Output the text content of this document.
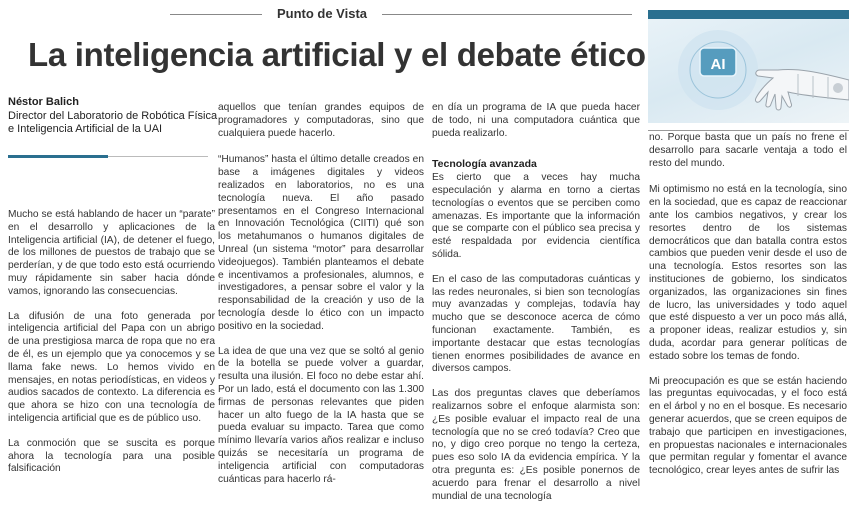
Punto de Vista
La inteligencia artificial y el debate ético	AI
Néstor Balich
Director del Laboratorio de Robótica Física e Inteligencia Artificial de la UAI

Mucho se está hablando de hacer un “parate” en el desarrollo y aplicaciones de la Inteligencia artificial (IA), de detener el fuego, de los millones de puestos de trabajo que se perderían, y de que todo esto está ocurriendo muy rápidamente sin saber hacia dónde vamos, ignorando las consecuencias.

La difusión de una foto generada por inteligencia artificial del Papa con un abrigo de una prestigiosa marca de ropa que no era de él, es un ejemplo que ya conocemos y se llama fake news. Lo hemos vivido en mensajes, en notas periodísticas, en videos y audios sacados de contexto. La diferencia es que ahora se hizo con una tecnología de inteligencia artificial que es de público uso.

La conmoción que se suscita es porque ahora la tecnología para una posible falsificación

aquellos que tenían grandes equipos de programadores y computadoras, sino que cualquiera puede hacerlo.

“Humanos” hasta el último detalle creados en base a imágenes digitales y videos realizados en laboratorios, no es una tecnología nueva. El año pasado presentamos en el Congreso Internacional en Innovación Tecnológica (CIITI) qué son los metahumanos o humanos digitales de Unreal (un sistema “motor” para desarrollar videojuegos). También planteamos el debate e incentivamos a profesionales, alumnos, e investigadores, a pensar sobre el valor y la responsabilidad de la creación y uso de la tecnología desde lo ético con un impacto positivo en la sociedad.

La idea de que una vez que se soltó al genio de la botella se puede volver a guardar, resulta una ilusión. El foco no debe estar ahí. Por un lado, está el documento con las 1.300 firmas de personas relevantes que piden hacer un alto fuego de la IA hasta que se pueda evaluar su impacto. Tarea que como mínimo llevaría varios años realizar e incluso quizás se necesitaría un programa de inteligencia artificial con computadoras cuánticas para hacerlo rá-

en día un programa de IA que pueda hacer de todo, ni una computadora cuántica que pueda realizarlo.

Tecnología avanzada

Es cierto que a veces hay mucha especulación y alarma en torno a ciertas tecnologías o eventos que se perciben como amenazas. Es importante que la información que se comparte con el público sea precisa y esté respaldada por evidencia científica sólida.

En el caso de las computadoras cuánticas y las redes neuronales, si bien son tecnologías muy avanzadas y complejas, todavía hay mucho que se desconoce acerca de cómo funcionan exactamente. También, es importante destacar que estas tecnologías tienen enormes posibilidades de avance en diversos campos.

Las dos preguntas claves que deberíamos realizarnos sobre el enfoque alarmista son: ¿Es posible evaluar el impacto real de una tecnología que no se creó todavía? Creo que no, y digo creo porque no tengo la certeza, pues eso solo IA da evidencia empírica. Y la otra pregunta es: ¿Es posible ponernos de acuerdo para frenar el desarrollo a nivel mundial de una tecnología

no. Porque basta que un país no frene el desarrollo para sacarle ventaja a todo el resto del mundo.

Mi optimismo no está en la tecnología, sino en la sociedad, que es capaz de reaccionar ante los cambios negativos, y crear los resortes dentro de los sistemas democráticos que dan batalla contra estos cambios que pueden venir desde el uso de una tecnología. Estos resortes son las instituciones de gobierno, los sindicatos organizados, las organizaciones sin fines de lucro, las universidades y todo aquel que esté dispuesto a ver un poco más allá, a proponer ideas, realizar estudios y, sin duda, acordar para generar políticas de estado sobre los temas de fondo.

Mi preocupación es que se están haciendo las preguntas equivocadas, y el foco está en el árbol y no en el bosque. Es necesario generar acuerdos, que se creen equipos de trabajo que participen en investigaciones, en propuestas nacionales e internacionales que permitan regular y fomentar el avance tecnológico, crear leyes antes de sufrir las
